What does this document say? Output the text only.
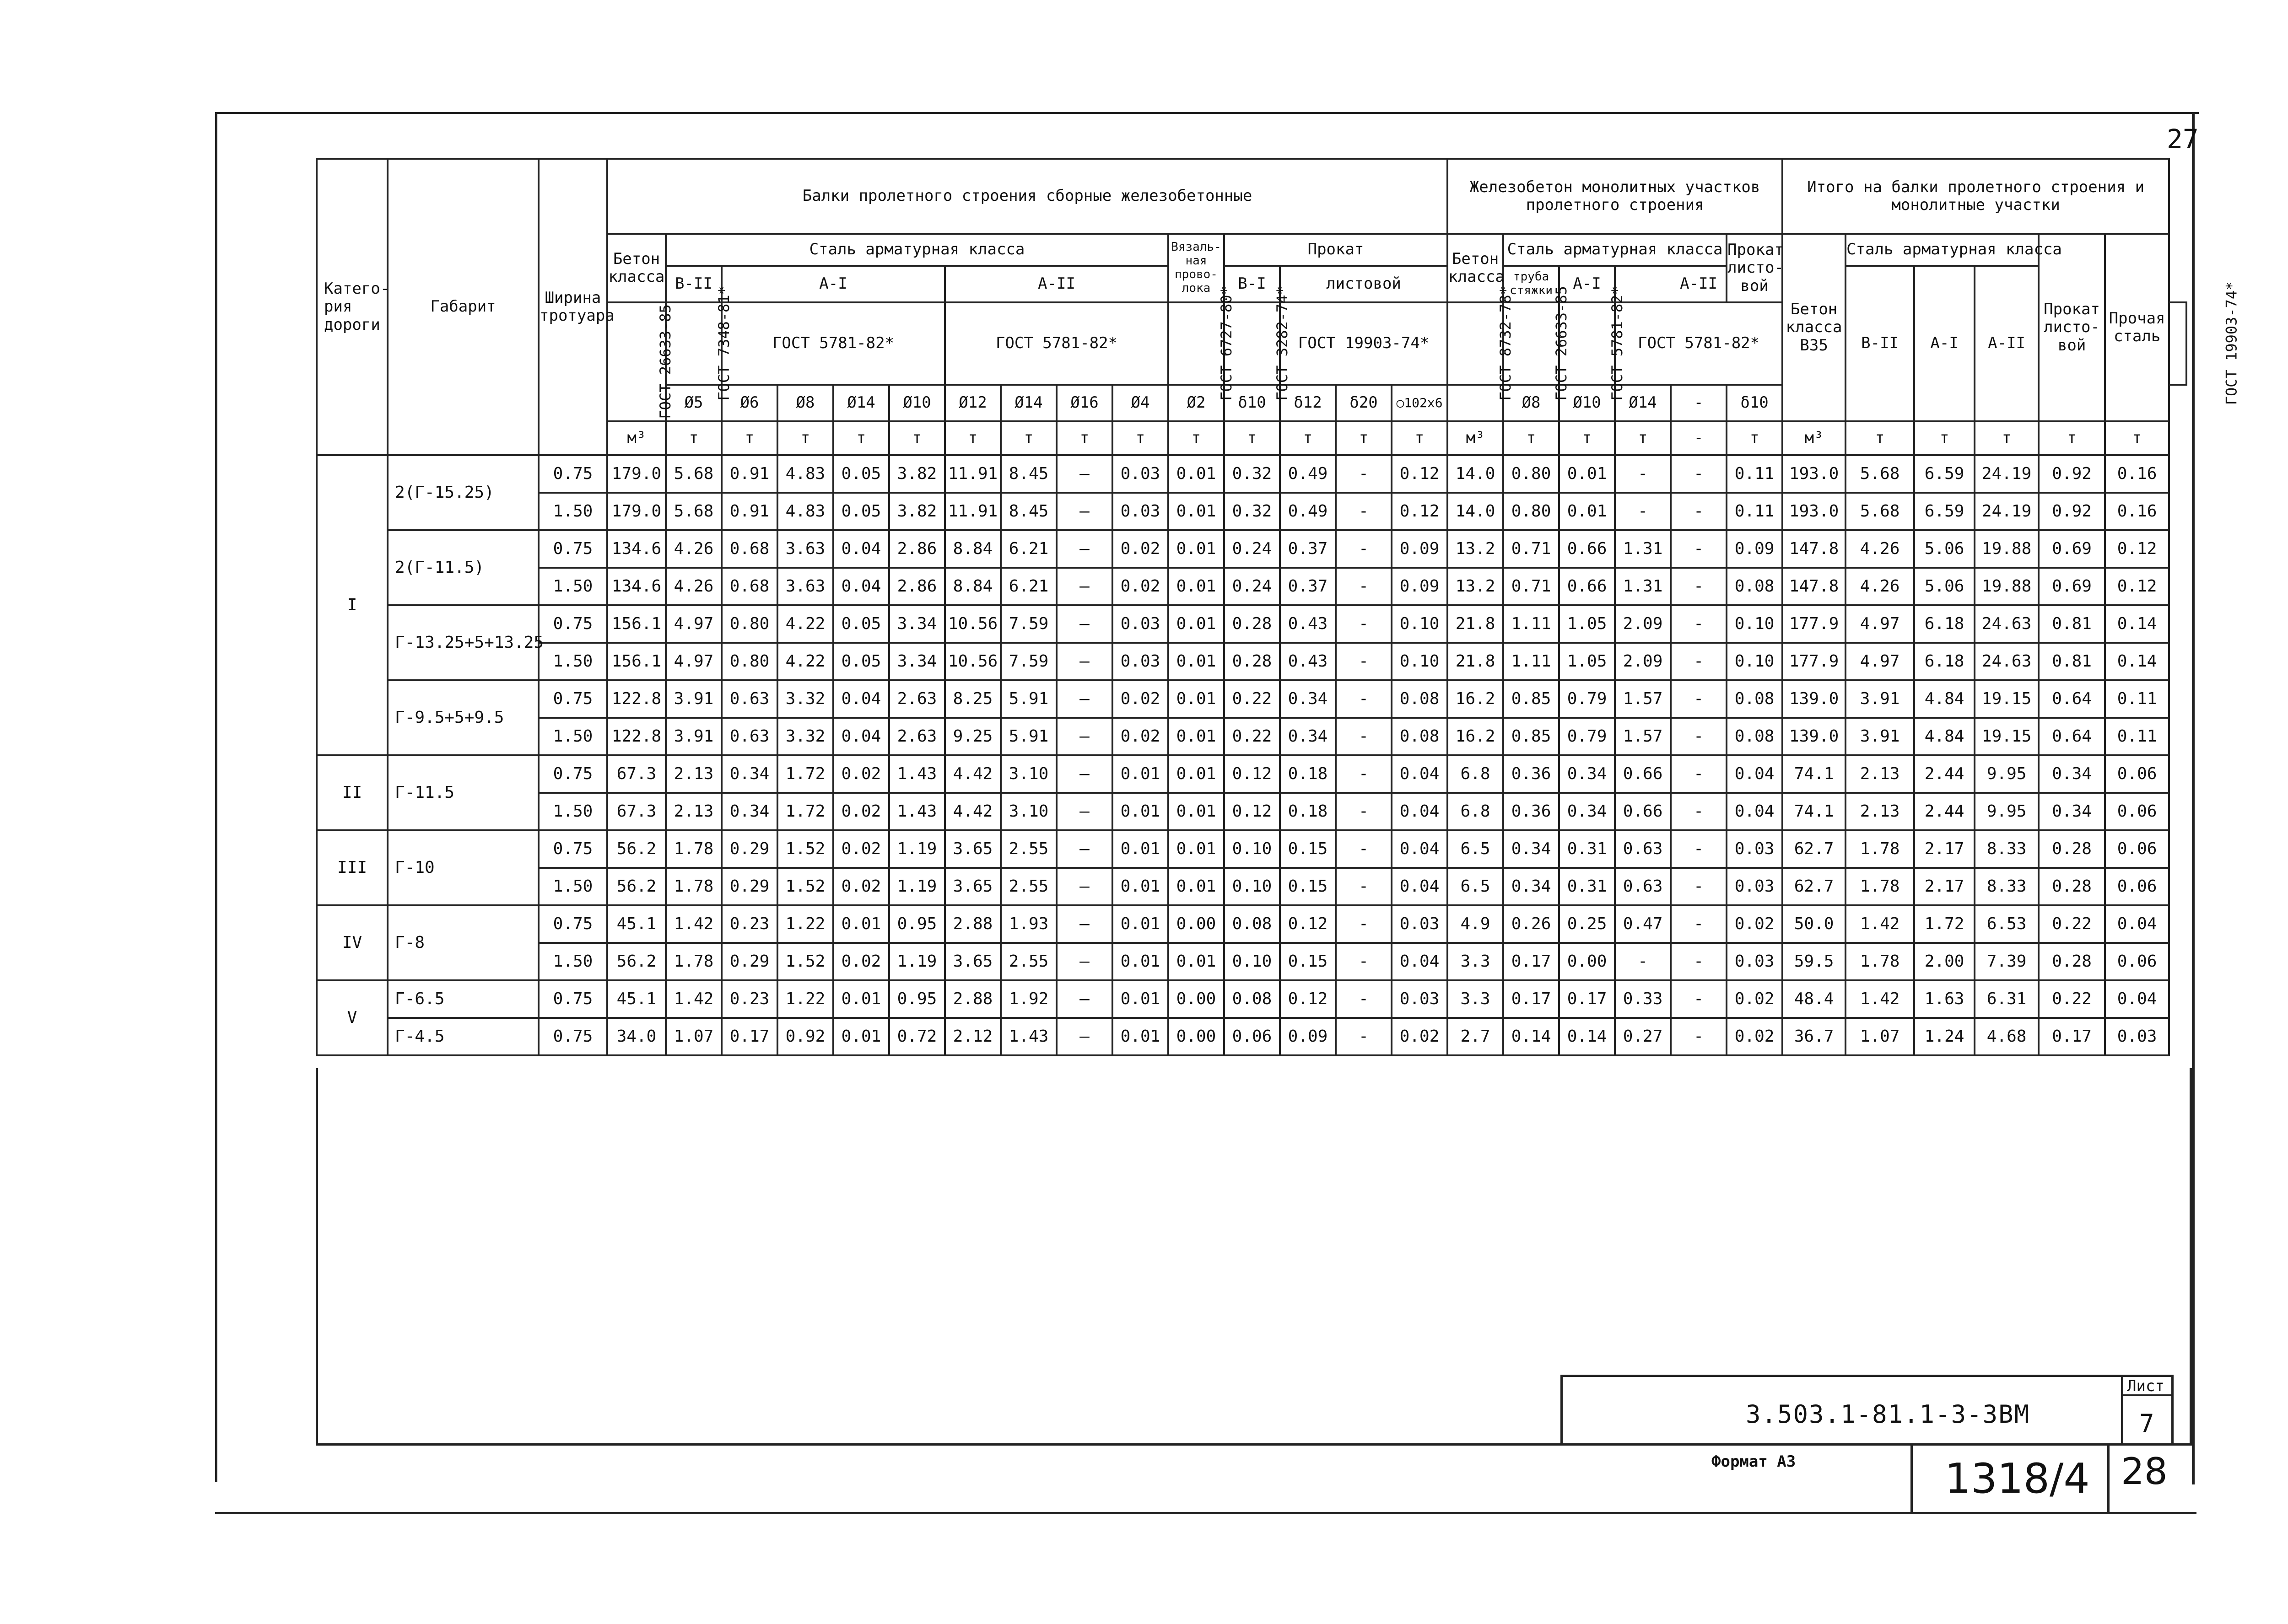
27
Катего-рия дороги	Габарит	Ширина тротуара	Балки пролетного строения сборные железобетонные															Железобетон монолитных участков пролетного строения						Итого на балки пролетного строения и монолитные участки						
			Бетон класса	Сталь арматурная класса									Вязаль-ная прово-лока	Прокат				Бетон класса	Сталь арматурная класса				Прокат листо-вой	Бетон класса В35	Сталь арматурная класса			Прокат листо-вой	Прочая сталь	
				В-II	А-I				А-II					В-I	листовой				труба стяжки	А-I	А-II				В-II	А-I	А-II			
			ГОСТ 26633-85	ГОСТ 7348-81*	ГОСТ 5781-82*				ГОСТ 5781-82*				ГОСТ 6727-80*	ГОСТ 3282-74*	ГОСТ 19903-74*			ГОСТ 8732-78*	ГОСТ 26633-85	ГОСТ 5781-82*	ГОСТ 5781-82*									ГОСТ 19903-74*
				Ø5	Ø6	Ø8	Ø14	Ø10	Ø12	Ø14	Ø16	Ø4	Ø2	δ10	δ12	δ20	○102х6		Ø8	Ø10	Ø14	-	δ10							
			м³	т	т	т	т	т	т	т	т	т	т	т	т	т	т	м³	т	т	т	-	т	м³	т	т	т	т	т	
I	2(Г-15.25)	0.75	179.0	5.68	0.91	4.83	0.05	3.82	11.91	8.45	–	0.03	0.01	0.32	0.49	-	0.12	14.0	0.80	0.01	-	-	0.11	193.0	5.68	6.59	24.19	0.92	0.16	
		1.50	179.0	5.68	0.91	4.83	0.05	3.82	11.91	8.45	–	0.03	0.01	0.32	0.49	-	0.12	14.0	0.80	0.01	-	-	0.11	193.0	5.68	6.59	24.19	0.92	0.16	
	2(Г-11.5)	0.75	134.6	4.26	0.68	3.63	0.04	2.86	8.84	6.21	–	0.02	0.01	0.24	0.37	-	0.09	13.2	0.71	0.66	1.31	-	0.09	147.8	4.26	5.06	19.88	0.69	0.12	
		1.50	134.6	4.26	0.68	3.63	0.04	2.86	8.84	6.21	–	0.02	0.01	0.24	0.37	-	0.09	13.2	0.71	0.66	1.31	-	0.08	147.8	4.26	5.06	19.88	0.69	0.12	
	Г-13.25+5+13.25	0.75	156.1	4.97	0.80	4.22	0.05	3.34	10.56	7.59	–	0.03	0.01	0.28	0.43	-	0.10	21.8	1.11	1.05	2.09	-	0.10	177.9	4.97	6.18	24.63	0.81	0.14	
		1.50	156.1	4.97	0.80	4.22	0.05	3.34	10.56	7.59	–	0.03	0.01	0.28	0.43	-	0.10	21.8	1.11	1.05	2.09	-	0.10	177.9	4.97	6.18	24.63	0.81	0.14	
	Г-9.5+5+9.5	0.75	122.8	3.91	0.63	3.32	0.04	2.63	8.25	5.91	–	0.02	0.01	0.22	0.34	-	0.08	16.2	0.85	0.79	1.57	-	0.08	139.0	3.91	4.84	19.15	0.64	0.11	
		1.50	122.8	3.91	0.63	3.32	0.04	2.63	9.25	5.91	–	0.02	0.01	0.22	0.34	-	0.08	16.2	0.85	0.79	1.57	-	0.08	139.0	3.91	4.84	19.15	0.64	0.11	
II	Г-11.5	0.75	67.3	2.13	0.34	1.72	0.02	1.43	4.42	3.10	–	0.01	0.01	0.12	0.18	-	0.04	6.8	0.36	0.34	0.66	-	0.04	74.1	2.13	2.44	9.95	0.34	0.06	
		1.50	67.3	2.13	0.34	1.72	0.02	1.43	4.42	3.10	–	0.01	0.01	0.12	0.18	-	0.04	6.8	0.36	0.34	0.66	-	0.04	74.1	2.13	2.44	9.95	0.34	0.06	
III	Г-10	0.75	56.2	1.78	0.29	1.52	0.02	1.19	3.65	2.55	–	0.01	0.01	0.10	0.15	-	0.04	6.5	0.34	0.31	0.63	-	0.03	62.7	1.78	2.17	8.33	0.28	0.06	
		1.50	56.2	1.78	0.29	1.52	0.02	1.19	3.65	2.55	–	0.01	0.01	0.10	0.15	-	0.04	6.5	0.34	0.31	0.63	-	0.03	62.7	1.78	2.17	8.33	0.28	0.06	
IV	Г-8	0.75	45.1	1.42	0.23	1.22	0.01	0.95	2.88	1.93	–	0.01	0.00	0.08	0.12	-	0.03	4.9	0.26	0.25	0.47	-	0.02	50.0	1.42	1.72	6.53	0.22	0.04	
		1.50	56.2	1.78	0.29	1.52	0.02	1.19	3.65	2.55	–	0.01	0.01	0.10	0.15	-	0.04	3.3	0.17	0.00	-	-	0.03	59.5	1.78	2.00	7.39	0.28	0.06	
V	Г-6.5	0.75	45.1	1.42	0.23	1.22	0.01	0.95	2.88	1.92	–	0.01	0.00	0.08	0.12	-	0.03	3.3	0.17	0.17	0.33	-	0.02	48.4	1.42	1.63	6.31	0.22	0.04	
	Г-4.5	0.75	34.0	1.07	0.17	0.92	0.01	0.72	2.12	1.43	–	0.01	0.00	0.06	0.09	-	0.02	2.7	0.14	0.14	0.27	-	0.02	36.7	1.07	1.24	4.68	0.17	0.03	
3.503.1-81.1-3-3ВМ
Лист
7
Формат А3	1318/4 28
